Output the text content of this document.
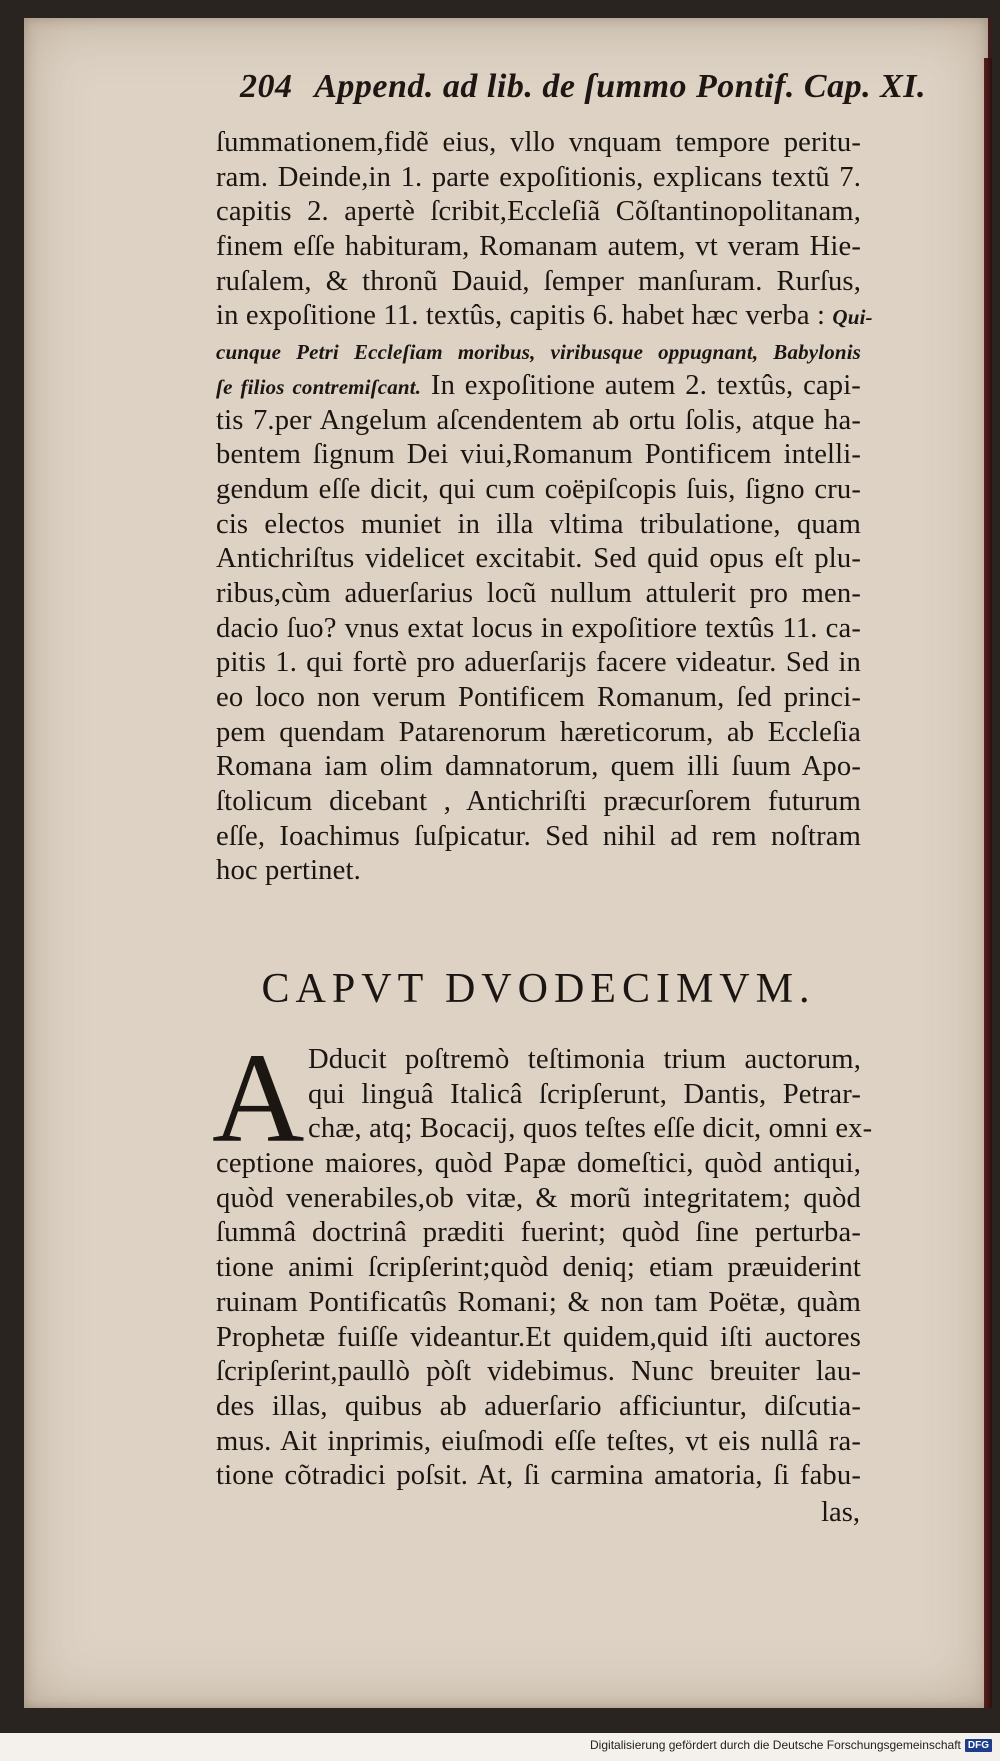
204 Append. ad lib. de ſummo Pontif. Cap. XI.
ſummationem,fidẽ eius, vllo vnquam tempore peritu-
ram. Deinde,in 1. parte expoſitionis, explicans textũ 7.
capitis 2. apertè ſcribit,Eccleſiã Cõſtantinopolitanam,
finem eſſe habituram, Romanam autem, vt veram Hie-
ruſalem, & thronũ Dauid, ſemper manſuram. Rurſus,
in expoſitione 11. textûs, capitis 6. habet hæc verba : Qui-
cunque Petri Eccleſiam moribus, viribusque oppugnant, Babylonis
ſe filios contremiſcant. In expoſitione autem 2. textûs, capi-
tis 7.per Angelum aſcendentem ab ortu ſolis, atque ha-
bentem ſignum Dei viui,Romanum Pontificem intelli-
gendum eſſe dicit, qui cum coëpiſcopis ſuis, ſigno cru-
cis electos muniet in illa vltima tribulatione, quam
Antichriſtus videlicet excitabit. Sed quid opus eſt plu-
ribus,cùm aduerſarius locũ nullum attulerit pro men-
dacio ſuo? vnus extat locus in expoſitiore textûs 11. ca-
pitis 1. qui fortè pro aduerſarijs facere videatur. Sed in
eo loco non verum Pontificem Romanum, ſed princi-
pem quendam Patarenorum hæreticorum, ab Eccleſia
Romana iam olim damnatorum, quem illi ſuum Apo-
ſtolicum dicebant , Antichriſti præcurſorem futurum
eſſe, Ioachimus ſuſpicatur. Sed nihil ad rem noſtram
hoc pertinet.
CAPVT DVODECIMVM.
A Dducit poſtremò teſtimonia trium auctorum,
qui linguâ Italicâ ſcripſerunt, Dantis, Petrar-
chæ, atq; Bocacij, quos teſtes eſſe dicit, omni ex-
ceptione maiores, quòd Papæ domeſtici, quòd antiqui,
quòd venerabiles,ob vitæ, & morũ integritatem; quòd
ſummâ doctrinâ præditi fuerint; quòd ſine perturba-
tione animi ſcripſerint;quòd deniq; etiam præuiderint
ruinam Pontificatûs Romani; & non tam Poëtæ, quàm
Prophetæ fuiſſe videantur.Et quidem,quid iſti auctores
ſcripſerint,paullò pòſt videbimus. Nunc breuiter lau-
des illas, quibus ab aduerſario afficiuntur, diſcutia-
mus. Ait inprimis, eiuſmodi eſſe teſtes, vt eis nullâ ra-
tione cõtradici poſsit. At, ſi carmina amatoria, ſi fabu-
las,
Digitalisierung gefördert durch die Deutsche Forschungsgemeinschaft DFG
